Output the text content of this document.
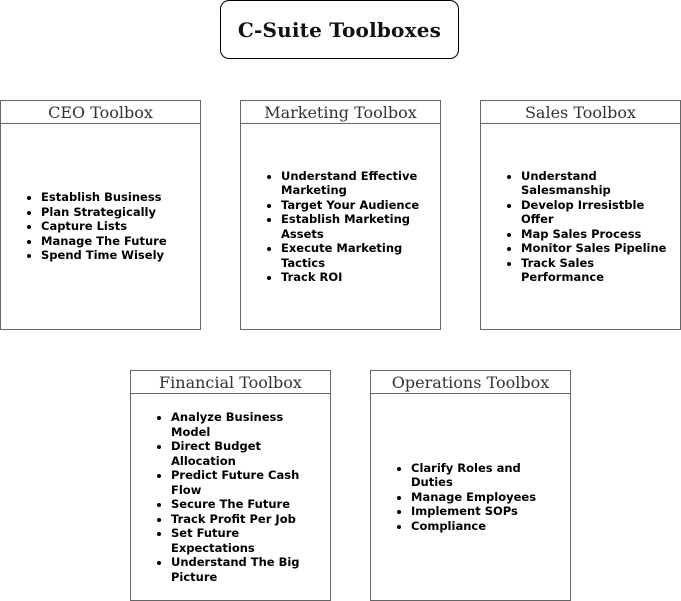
C-Suite Toolboxes
CEO Toolbox
• Establish Business
• Plan Strategically
• Capture Lists
• Manage The Future
• Spend Time Wisely
Marketing Toolbox
• Understand Effective Marketing
• Target Your Audience
• Establish Marketing Assets
• Execute Marketing Tactics
• Track ROI
Sales Toolbox
• Understand Salesmanship
• Develop Irresistble Offer
• Map Sales Process
• Monitor Sales Pipeline
• Track Sales Performance
Financial Toolbox
• Analyze Business Model
• Direct Budget Allocation
• Predict Future Cash Flow
• Secure The Future
• Track Profit Per Job
• Set Future Expectations
• Understand The Big Picture
Operations Toolbox
• Clarify Roles and Duties
• Manage Employees
• Implement SOPs
• Compliance
